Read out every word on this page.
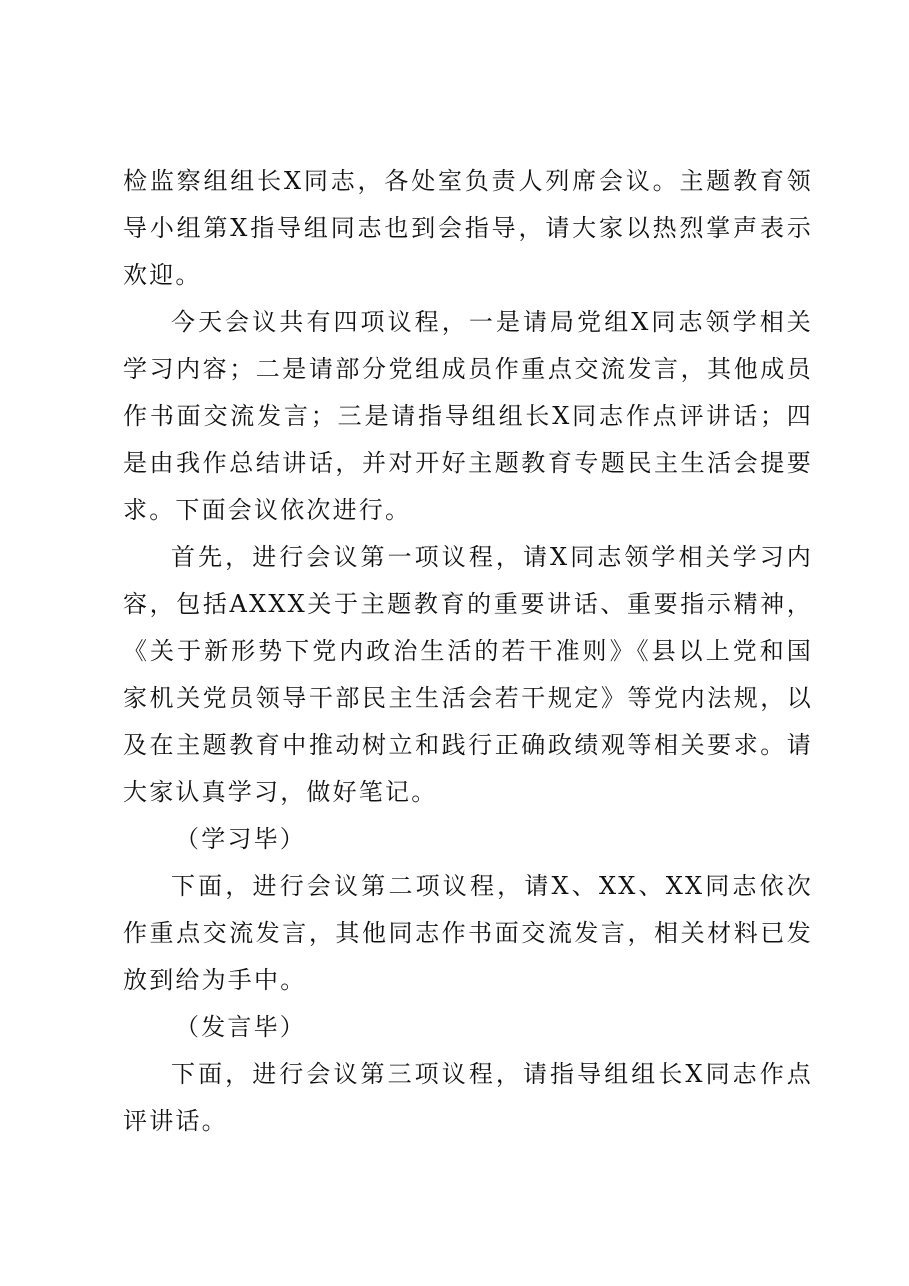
检监察组组长X同志，各处室负责人列席会议。主题教育领导小组第X指导组同志也到会指导，请大家以热烈掌声表示欢迎。

今天会议共有四项议程，一是请局党组X同志领学相关学习内容；二是请部分党组成员作重点交流发言，其他成员作书面交流发言；三是请指导组组长X同志作点评讲话；四是由我作总结讲话，并对开好主题教育专题民主生活会提要求。下面会议依次进行。

首先，进行会议第一项议程，请X同志领学相关学习内容，包括AXXX关于主题教育的重要讲话、重要指示精神，《关于新形势下党内政治生活的若干准则》《县以上党和国家机关党员领导干部民主生活会若干规定》等党内法规，以及在主题教育中推动树立和践行正确政绩观等相关要求。请大家认真学习，做好笔记。

（学习毕）

下面，进行会议第二项议程，请X、XX、XX同志依次作重点交流发言，其他同志作书面交流发言，相关材料已发放到给为手中。

（发言毕）

下面，进行会议第三项议程，请指导组组长X同志作点评讲话。
